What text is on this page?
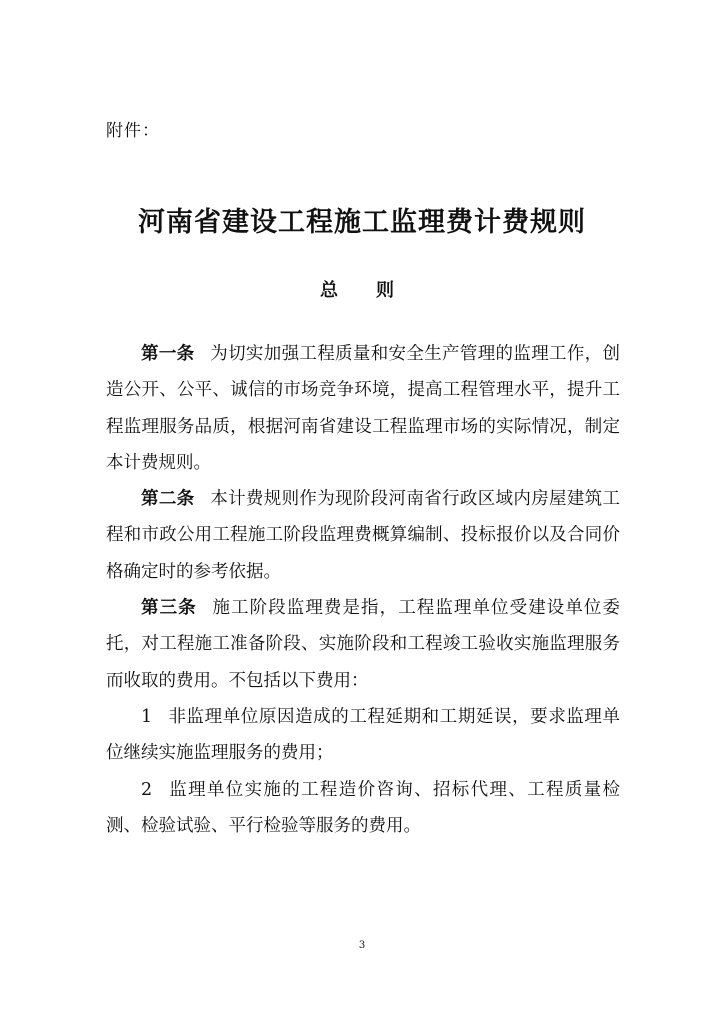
附件：
河南省建设工程施工监理费计费规则
总　则

第一条 为切实加强工程质量和安全生产管理的监理工作，创造公开、公平、诚信的市场竞争环境，提高工程管理水平，提升工程监理服务品质，根据河南省建设工程监理市场的实际情况，制定本计费规则。

第二条 本计费规则作为现阶段河南省行政区域内房屋建筑工程和市政公用工程施工阶段监理费概算编制、投标报价以及合同价格确定时的参考依据。

第三条 施工阶段监理费是指，工程监理单位受建设单位委托，对工程施工准备阶段、实施阶段和工程竣工验收实施监理服务而收取的费用。不包括以下费用：

1 非监理单位原因造成的工程延期和工期延误，要求监理单位继续实施监理服务的费用；

2 监理单位实施的工程造价咨询、招标代理、工程质量检测、检验试验、平行检验等服务的费用。

3
